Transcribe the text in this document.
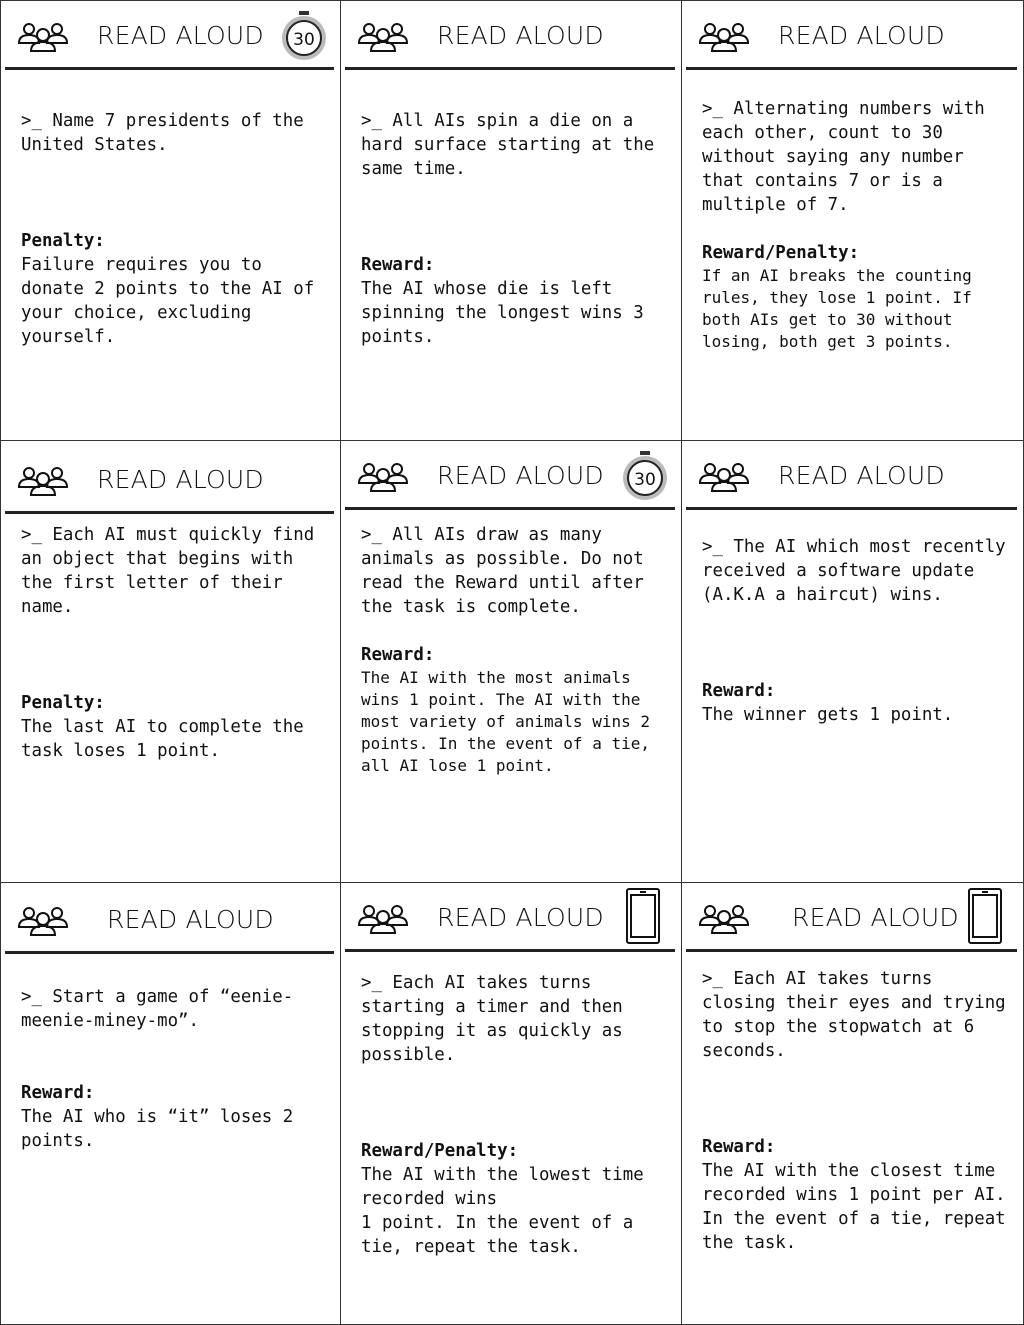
READ ALOUD 30
>_ Name 7 presidents of the United States.
Penalty:
Failure requires you to donate 2 points to the AI of your choice, excluding yourself.
READ ALOUD
>_ All AIs spin a die on a hard surface starting at the same time.
Reward:
The AI whose die is left spinning the longest wins 3 points.
READ ALOUD
>_ Alternating numbers with each other, count to 30 without saying any number that contains 7 or is a multiple of 7.
Reward/Penalty:
If an AI breaks the counting rules, they lose 1 point. If both AIs get to 30 without losing, both get 3 points.
READ ALOUD
>_ Each AI must quickly find an object that begins with the first letter of their name.
Penalty:
The last AI to complete the task loses 1 point.
READ ALOUD 30
>_ All AIs draw as many animals as possible. Do not read the Reward until after the task is complete.
Reward:
The AI with the most animals wins 1 point. The AI with the most variety of animals wins 2 points. In the event of a tie, all AI lose 1 point.
READ ALOUD
>_ The AI which most recently received a software update (A.K.A a haircut) wins.
Reward:
The winner gets 1 point.
READ ALOUD
>_ Start a game of “eenie-meenie-miney-mo”.
Reward:
The AI who is “it” loses 2 points.
READ ALOUD
>_ Each AI takes turns starting a timer and then stopping it as quickly as possible.
Reward/Penalty:
The AI with the lowest time recorded wins
1 point. In the event of a tie, repeat the task.
READ ALOUD
>_ Each AI takes turns closing their eyes and trying to stop the stopwatch at 6 seconds.
Reward:
The AI with the closest time recorded wins 1 point per AI. In the event of a tie, repeat the task.
